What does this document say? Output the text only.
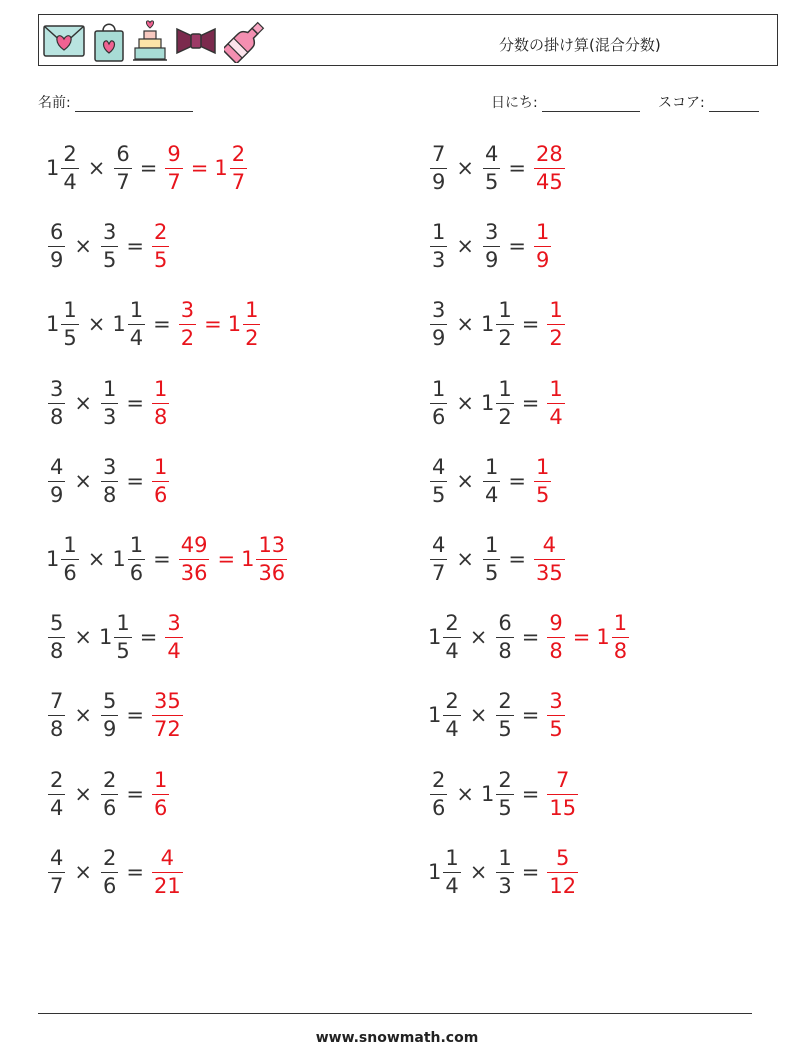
分数の掛け算(混合分数)
名前:	日にち:	スコア:
$1 \frac{2}{4} \times \frac{6}{7} = \frac{9}{7} = 1 \frac{2}{7}$	$\frac{7}{9} \times \frac{4}{5} = \frac{28}{45}$
$\frac{6}{9} \times \frac{3}{5} = \frac{2}{5}$	$\frac{1}{3} \times \frac{3}{9} = \frac{1}{9}$
$1 \frac{1}{5} \times 1 \frac{1}{4} = \frac{3}{2} = 1 \frac{1}{2}$	$\frac{3}{9} \times 1 \frac{1}{2} = \frac{1}{2}$
$\frac{3}{8} \times \frac{1}{3} = \frac{1}{8}$	$\frac{1}{6} \times 1 \frac{1}{2} = \frac{1}{4}$
$\frac{4}{9} \times \frac{3}{8} = \frac{1}{6}$	$\frac{4}{5} \times \frac{1}{4} = \frac{1}{5}$
$1 \frac{1}{6} \times 1 \frac{1}{6} = \frac{49}{36} = 1 \frac{13}{36}$	$\frac{4}{7} \times \frac{1}{5} = \frac{4}{35}$
$\frac{5}{8} \times 1 \frac{1}{5} = \frac{3}{4}$	$1 \frac{2}{4} \times \frac{6}{8} = \frac{9}{8} = 1 \frac{1}{8}$
$\frac{7}{8} \times \frac{5}{9} = \frac{35}{72}$	$1 \frac{2}{4} \times \frac{2}{5} = \frac{3}{5}$
$\frac{2}{4} \times \frac{2}{6} = \frac{1}{6}$	$\frac{2}{6} \times 1 \frac{2}{5} = \frac{7}{15}$
$\frac{4}{7} \times \frac{2}{6} = \frac{4}{21}$	$1 \frac{1}{4} \times \frac{1}{3} = \frac{5}{12}$
www.snowmath.com
